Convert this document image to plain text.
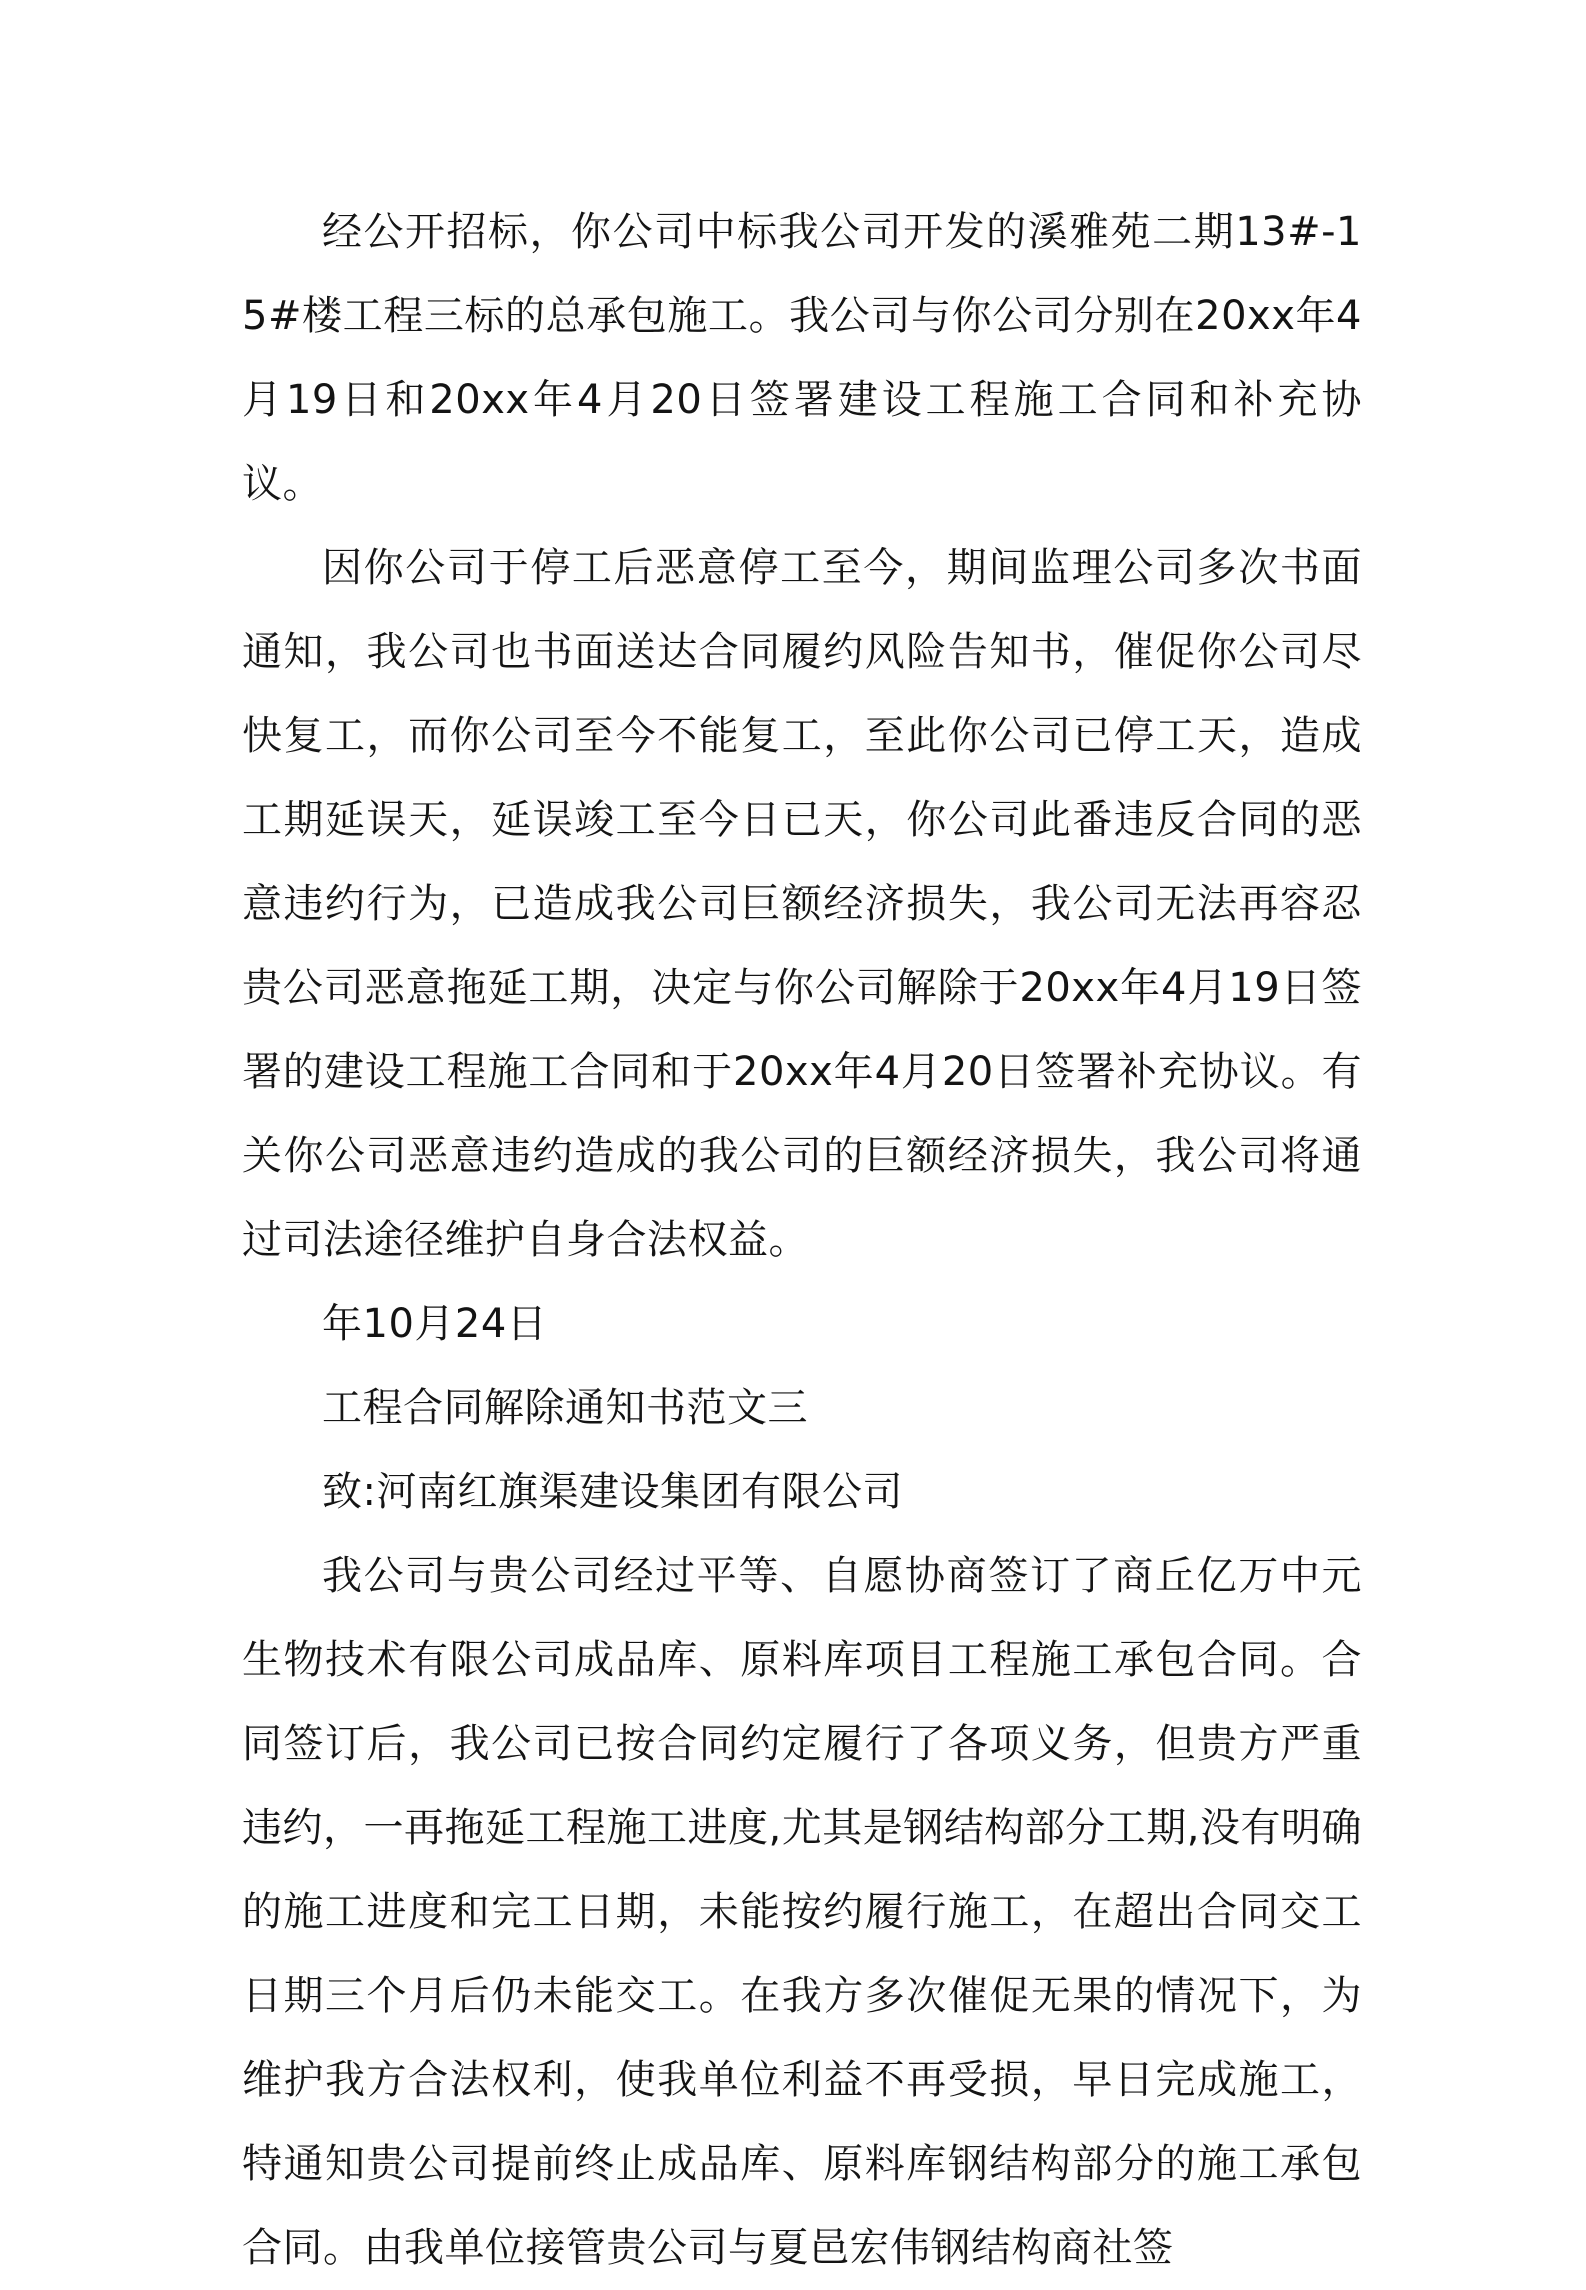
经公开招标，你公司中标我公司开发的溪雅苑二期13#-15#楼工程三标的总承包施工。我公司与你公司分别在20xx年4月19日和20xx年4月20日签署建设工程施工合同和补充协议。

因你公司于停工后恶意停工至今，期间监理公司多次书面通知，我公司也书面送达合同履约风险告知书，催促你公司尽快复工，而你公司至今不能复工，至此你公司已停工天，造成工期延误天，延误竣工至今日已天，你公司此番违反合同的恶意违约行为，已造成我公司巨额经济损失，我公司无法再容忍贵公司恶意拖延工期，决定与你公司解除于20xx年4月19日签署的建设工程施工合同和于20xx年4月20日签署补充协议。有关你公司恶意违约造成的我公司的巨额经济损失，我公司将通过司法途径维护自身合法权益。

年10月24日

工程合同解除通知书范文三

致:河南红旗渠建设集团有限公司

我公司与贵公司经过平等、自愿协商签订了商丘亿万中元生物技术有限公司成品库、原料库项目工程施工承包合同。合同签订后，我公司已按合同约定履行了各项义务，但贵方严重违约，一再拖延工程施工进度,尤其是钢结构部分工期,没有明确的施工进度和完工日期，未能按约履行施工，在超出合同交工日期三个月后仍未能交工。在我方多次催促无果的情况下，为维护我方合法权利，使我单位利益不再受损，早日完成施工，特通知贵公司提前终止成品库、原料库钢结构部分的施工承包合同。由我单位接管贵公司与夏邑宏伟钢结构商社签
